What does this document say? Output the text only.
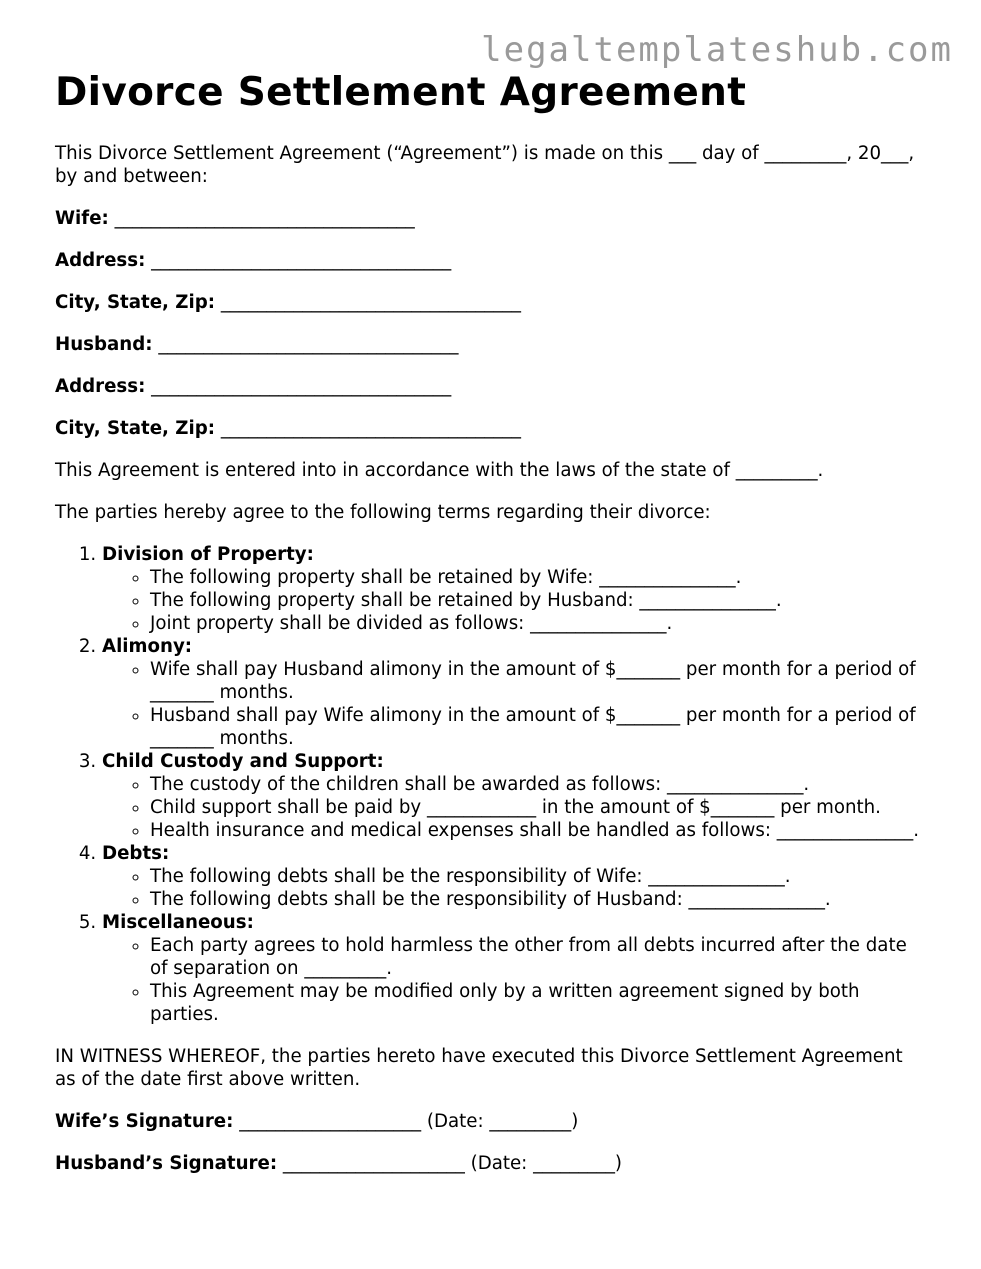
legaltemplateshub.com
Divorce Settlement Agreement

This Divorce Settlement Agreement (“Agreement”) is made on this ___ day of _________, 20___, by and between:

Wife: _________________________________

Address: _________________________________

City, State, Zip: _________________________________

Husband: _________________________________

Address: _________________________________

City, State, Zip: _________________________________

This Agreement is entered into in accordance with the laws of the state of _________.

The parties hereby agree to the following terms regarding their divorce:

1. Division of Property:
◦ The following property shall be retained by Wife: _______________.
◦ The following property shall be retained by Husband: _______________.
◦ Joint property shall be divided as follows: _______________.
2. Alimony:
◦ Wife shall pay Husband alimony in the amount of $_______ per month for a period of _______ months.
◦ Husband shall pay Wife alimony in the amount of $_______ per month for a period of _______ months.
3. Child Custody and Support:
◦ The custody of the children shall be awarded as follows: _______________.
◦ Child support shall be paid by ____________ in the amount of $_______ per month.
◦ Health insurance and medical expenses shall be handled as follows: _______________.
4. Debts:
◦ The following debts shall be the responsibility of Wife: _______________.
◦ The following debts shall be the responsibility of Husband: _______________.
5. Miscellaneous:
◦ Each party agrees to hold harmless the other from all debts incurred after the date of separation on _________.
◦ This Agreement may be modified only by a written agreement signed by both parties.

IN WITNESS WHEREOF, the parties hereto have executed this Divorce Settlement Agreement as of the date first above written.

Wife’s Signature: ____________________ (Date: _________)

Husband’s Signature: ____________________ (Date: _________)
